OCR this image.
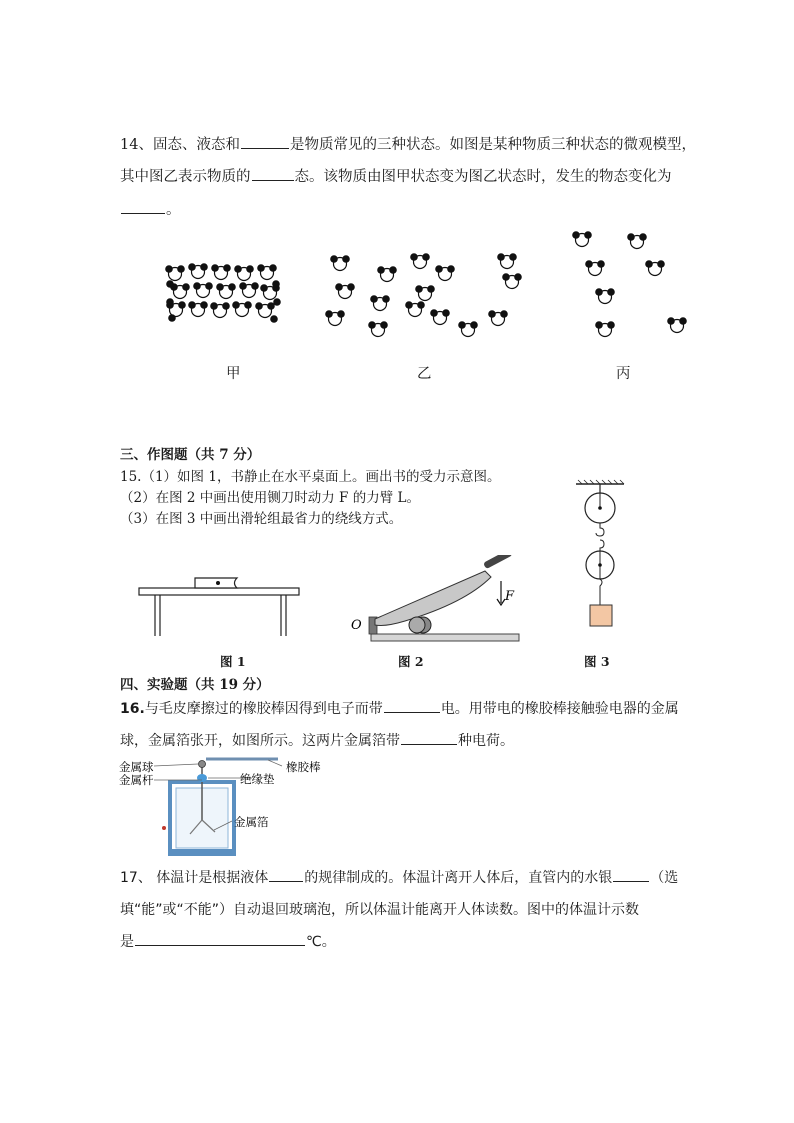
14、固态、液态和	是物质常见的三种状态。如图是某种物质三种状态的微观模型，
其中图乙表示物质的	态。该物质由图甲状态变为图乙状态时，发生的物态变化为
。
甲	乙	丙
三、作图题（共 7 分）
15.（1）如图 1，书静止在水平桌面上。画出书的受力示意图。
（2）在图 2 中画出使用铡刀时动力 F 的力臂 L。
（3）在图 3 中画出滑轮组最省力的绕线方式。
F
O
图 1	图 2	图 3
四、实验题（共 19 分）
16.与毛皮摩擦过的橡胶棒因得到电子而带	电。用带电的橡胶棒接触验电器的金属
球，金属箔张开，如图所示。这两片金属箔带	种电荷。
金属球
金属杆	绝缘垫
橡胶棒
金属箔
17、 体温计是根据液体	的规律制成的。体温计离开人体后，直管内的水银	（选
填“能”或“不能”）自动退回玻璃泡，所以体温计能离开人体读数。图中的体温计示数
是	℃。
